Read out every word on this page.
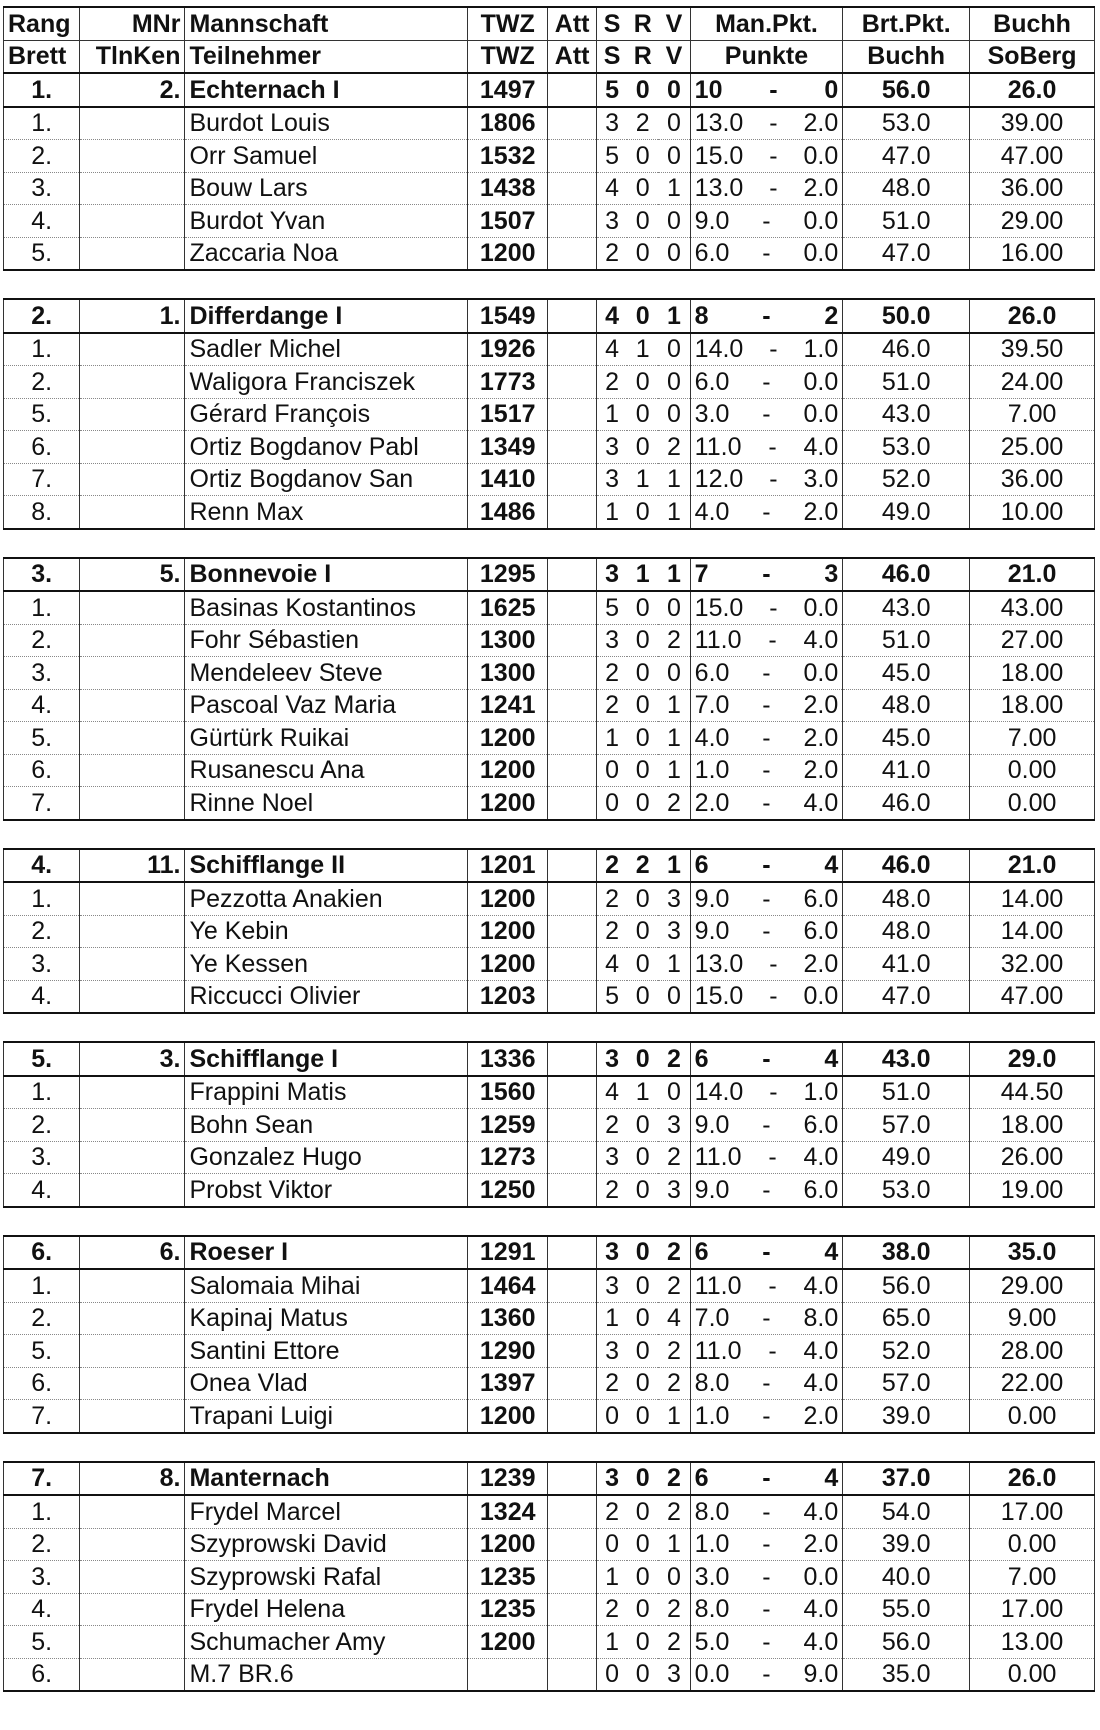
Rang	MNr	Mannschaft	TWZ	Att	S	R	V	Man.Pkt.	Brt.Pkt.	Buchh
Brett	TlnKen	Teilnehmer	TWZ	Att	S	R	V	Punkte	Buchh	SoBerg
1.	2.	Echternach I	1497		5	0	0	10 - 0	56.0	26.0
1.		Burdot Louis	1806		3	2	0	13.0 - 2.0	53.0	39.00
2.		Orr Samuel	1532		5	0	0	15.0 - 0.0	47.0	47.00
3.		Bouw Lars	1438		4	0	1	13.0 - 2.0	48.0	36.00
4.		Burdot Yvan	1507		3	0	0	9.0 - 0.0	51.0	29.00
5.		Zaccaria Noa	1200		2	0	0	6.0 - 0.0	47.0	16.00

2.	1.	Differdange I	1549		4	0	1	8 - 2	50.0	26.0
1.		Sadler Michel	1926		4	1	0	14.0 - 1.0	46.0	39.50
2.		Waligora Franciszek	1773		2	0	0	6.0 - 0.0	51.0	24.00
5.		Gérard François	1517		1	0	0	3.0 - 0.0	43.0	7.00
6.		Ortiz Bogdanov Pabl	1349		3	0	2	11.0 - 4.0	53.0	25.00
7.		Ortiz Bogdanov San	1410		3	1	1	12.0 - 3.0	52.0	36.00
8.		Renn Max	1486		1	0	1	4.0 - 2.0	49.0	10.00

3.	5.	Bonnevoie I	1295		3	1	1	7 - 3	46.0	21.0
1.		Basinas Kostantinos	1625		5	0	0	15.0 - 0.0	43.0	43.00
2.		Fohr Sébastien	1300		3	0	2	11.0 - 4.0	51.0	27.00
3.		Mendeleev Steve	1300		2	0	0	6.0 - 0.0	45.0	18.00
4.		Pascoal Vaz Maria	1241		2	0	1	7.0 - 2.0	48.0	18.00
5.		Gürtürk Ruikai	1200		1	0	1	4.0 - 2.0	45.0	7.00
6.		Rusanescu Ana	1200		0	0	1	1.0 - 2.0	41.0	0.00
7.		Rinne Noel	1200		0	0	2	2.0 - 4.0	46.0	0.00

4.	11.	Schifflange II	1201		2	2	1	6 - 4	46.0	21.0
1.		Pezzotta Anakien	1200		2	0	3	9.0 - 6.0	48.0	14.00
2.		Ye Kebin	1200		2	0	3	9.0 - 6.0	48.0	14.00
3.		Ye Kessen	1200		4	0	1	13.0 - 2.0	41.0	32.00
4.		Riccucci Olivier	1203		5	0	0	15.0 - 0.0	47.0	47.00

5.	3.	Schifflange I	1336		3	0	2	6 - 4	43.0	29.0
1.		Frappini Matis	1560		4	1	0	14.0 - 1.0	51.0	44.50
2.		Bohn Sean	1259		2	0	3	9.0 - 6.0	57.0	18.00
3.		Gonzalez Hugo	1273		3	0	2	11.0 - 4.0	49.0	26.00
4.		Probst Viktor	1250		2	0	3	9.0 - 6.0	53.0	19.00

6.	6.	Roeser I	1291		3	0	2	6 - 4	38.0	35.0
1.		Salomaia Mihai	1464		3	0	2	11.0 - 4.0	56.0	29.00
2.		Kapinaj Matus	1360		1	0	4	7.0 - 8.0	65.0	9.00
5.		Santini Ettore	1290		3	0	2	11.0 - 4.0	52.0	28.00
6.		Onea Vlad	1397		2	0	2	8.0 - 4.0	57.0	22.00
7.		Trapani Luigi	1200		0	0	1	1.0 - 2.0	39.0	0.00

7.	8.	Manternach	1239		3	0	2	6 - 4	37.0	26.0
1.		Frydel Marcel	1324		2	0	2	8.0 - 4.0	54.0	17.00
2.		Szyprowski David	1200		0	0	1	1.0 - 2.0	39.0	0.00
3.		Szyprowski Rafal	1235		1	0	0	3.0 - 0.0	40.0	7.00
4.		Frydel Helena	1235		2	0	2	8.0 - 4.0	55.0	17.00
5.		Schumacher Amy	1200		1	0	2	5.0 - 4.0	56.0	13.00
6.		M.7 BR.6			0	0	3	0.0 - 9.0	35.0	0.00
